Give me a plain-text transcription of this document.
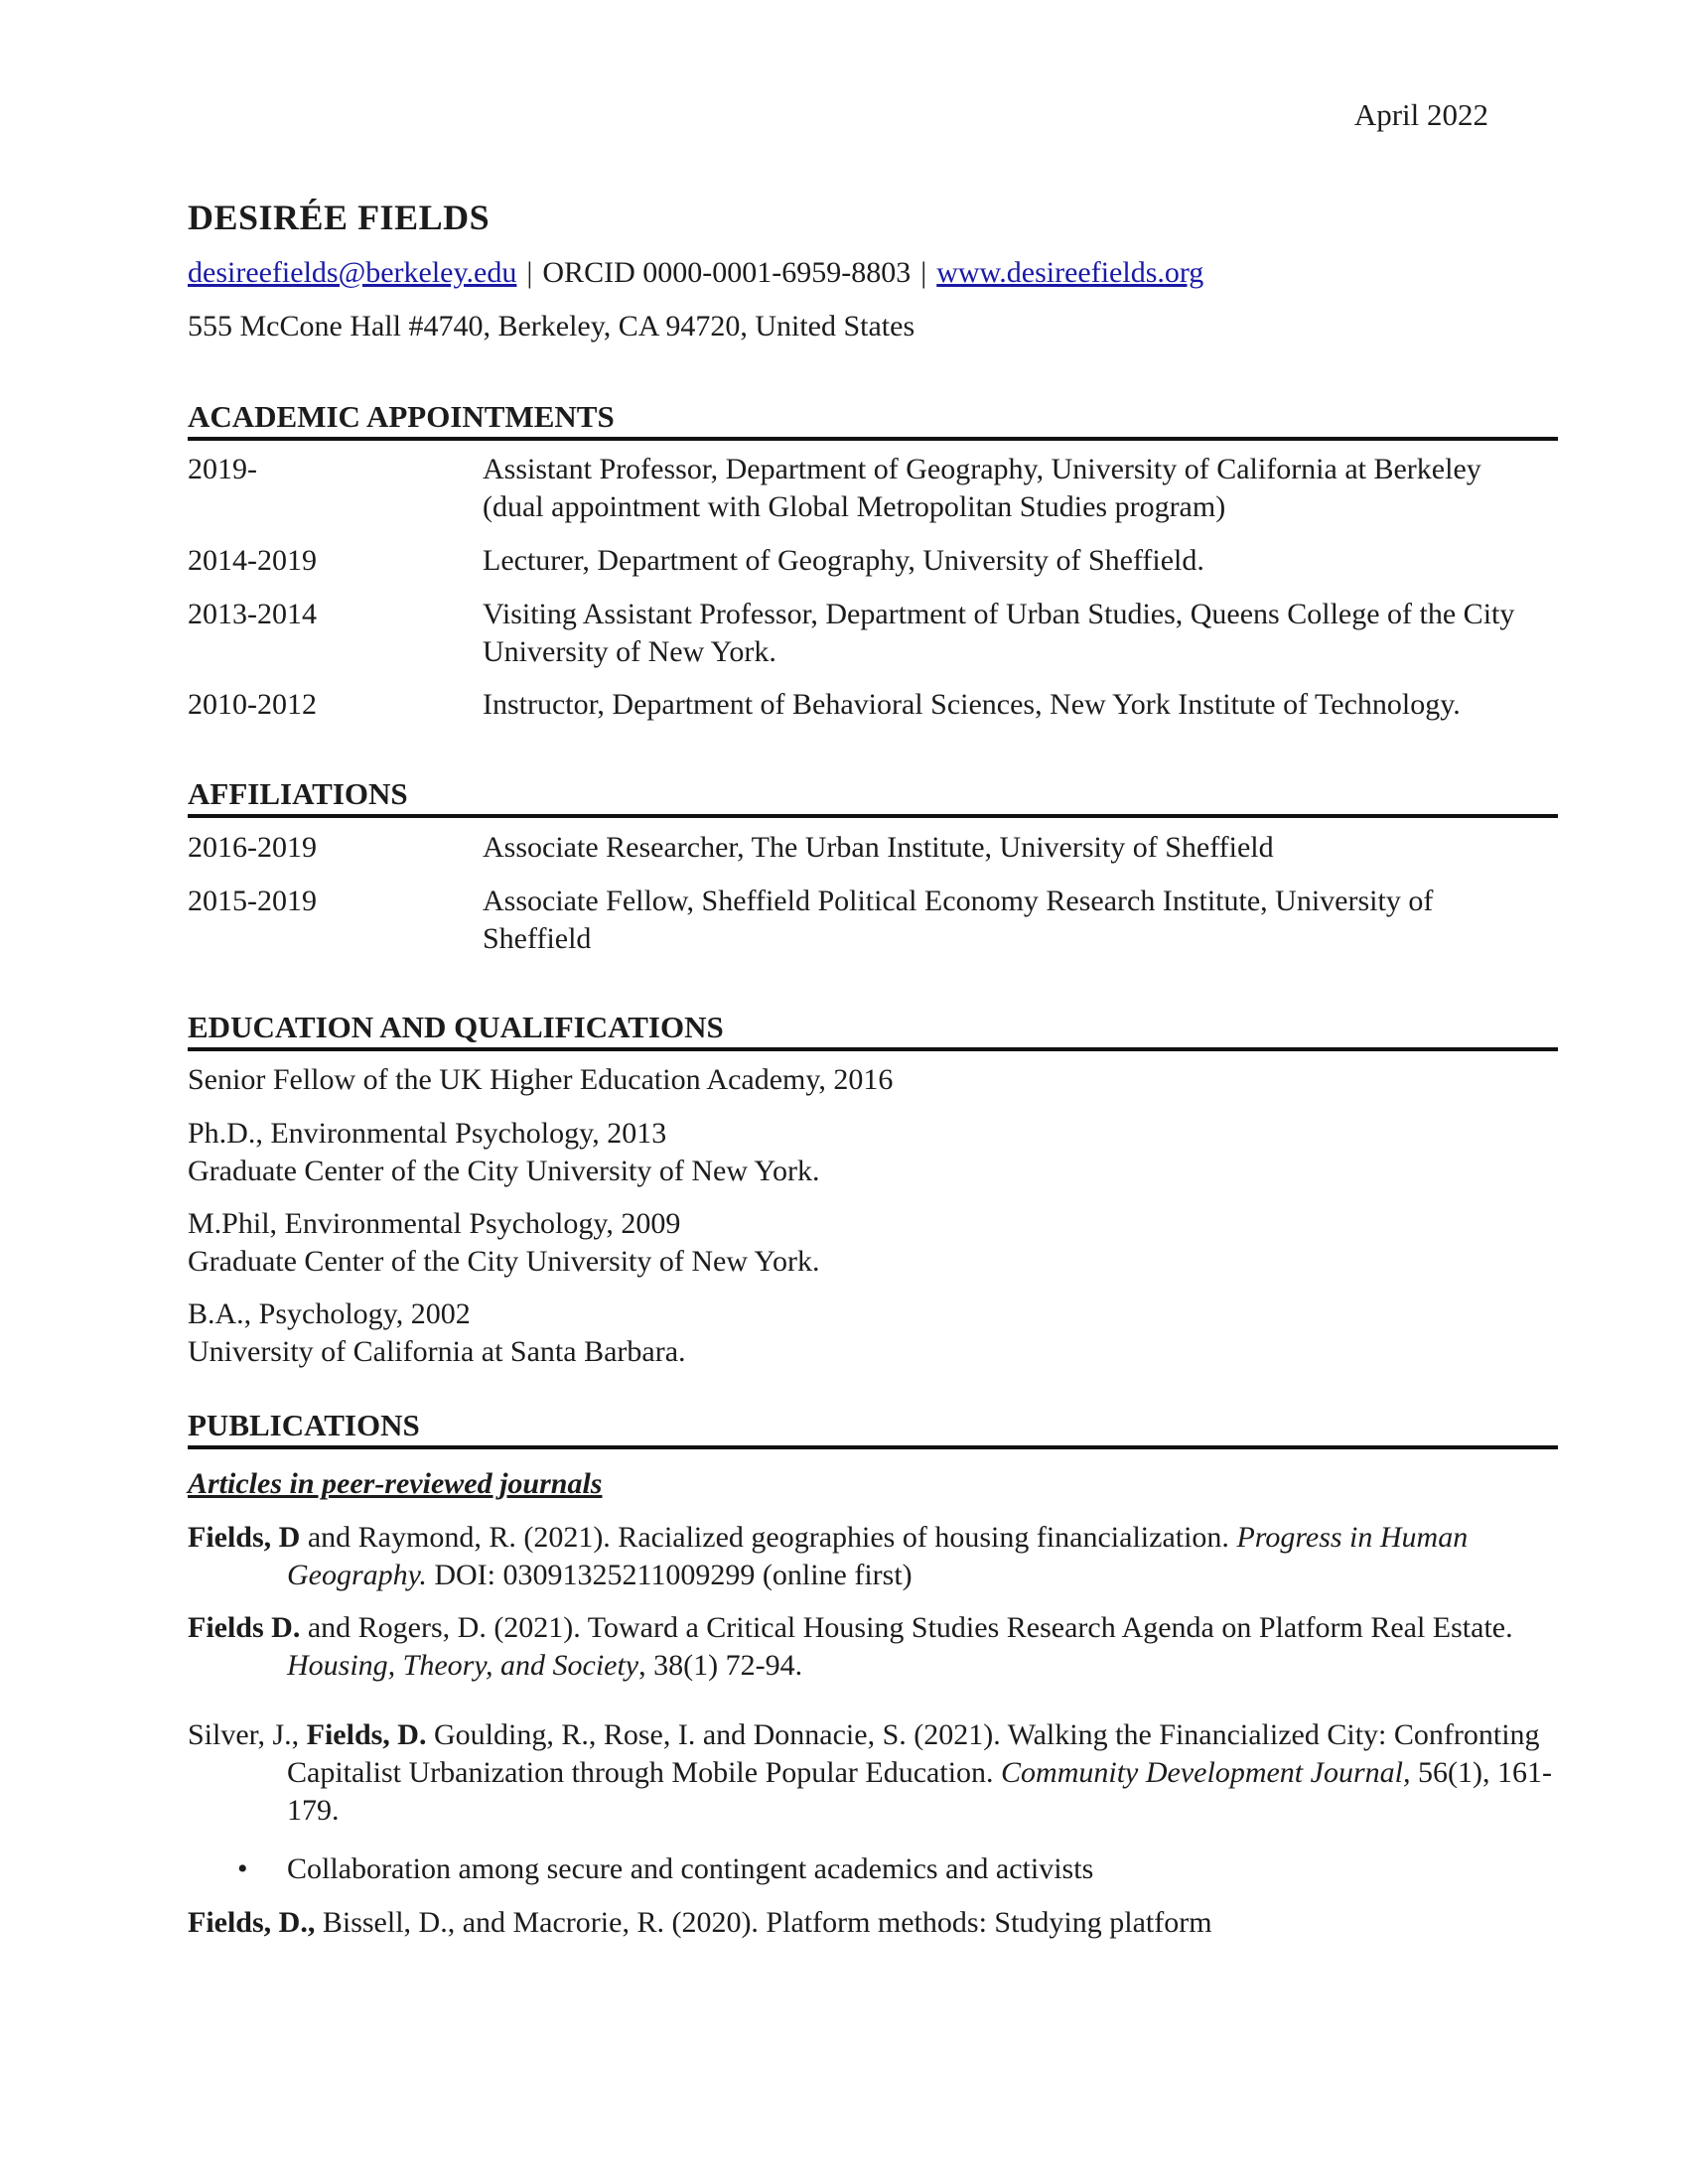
April 2022
DESIRÉE FIELDS
desireefields@berkeley.edu | ORCID 0000-0001-6959-8803 | www.desireefields.org
555 McCone Hall #4740, Berkeley, CA 94720, United States
ACADEMIC APPOINTMENTS
2019-	Assistant Professor, Department of Geography, University of California at Berkeley (dual appointment with Global Metropolitan Studies program)
2014-2019	Lecturer, Department of Geography, University of Sheffield.
2013-2014	Visiting Assistant Professor, Department of Urban Studies, Queens College of the City University of New York.
2010-2012	Instructor, Department of Behavioral Sciences, New York Institute of Technology.
AFFILIATIONS
2016-2019	Associate Researcher, The Urban Institute, University of Sheffield
2015-2019	Associate Fellow, Sheffield Political Economy Research Institute, University of Sheffield
EDUCATION AND QUALIFICATIONS
Senior Fellow of the UK Higher Education Academy, 2016
Ph.D., Environmental Psychology, 2013
Graduate Center of the City University of New York.
M.Phil, Environmental Psychology, 2009
Graduate Center of the City University of New York.
B.A., Psychology, 2002
University of California at Santa Barbara.
PUBLICATIONS
Articles in peer-reviewed journals
Fields, D and Raymond, R. (2021). Racialized geographies of housing financialization. Progress in Human Geography. DOI: 03091325211009299 (online first)
Fields D. and Rogers, D. (2021). Toward a Critical Housing Studies Research Agenda on Platform Real Estate. Housing, Theory, and Society, 38(1) 72-94.
Silver, J., Fields, D. Goulding, R., Rose, I. and Donnacie, S. (2021). Walking the Financialized City: Confronting Capitalist Urbanization through Mobile Popular Education. Community Development Journal, 56(1), 161-179.
• Collaboration among secure and contingent academics and activists
Fields, D., Bissell, D., and Macrorie, R. (2020). Platform methods: Studying platform
